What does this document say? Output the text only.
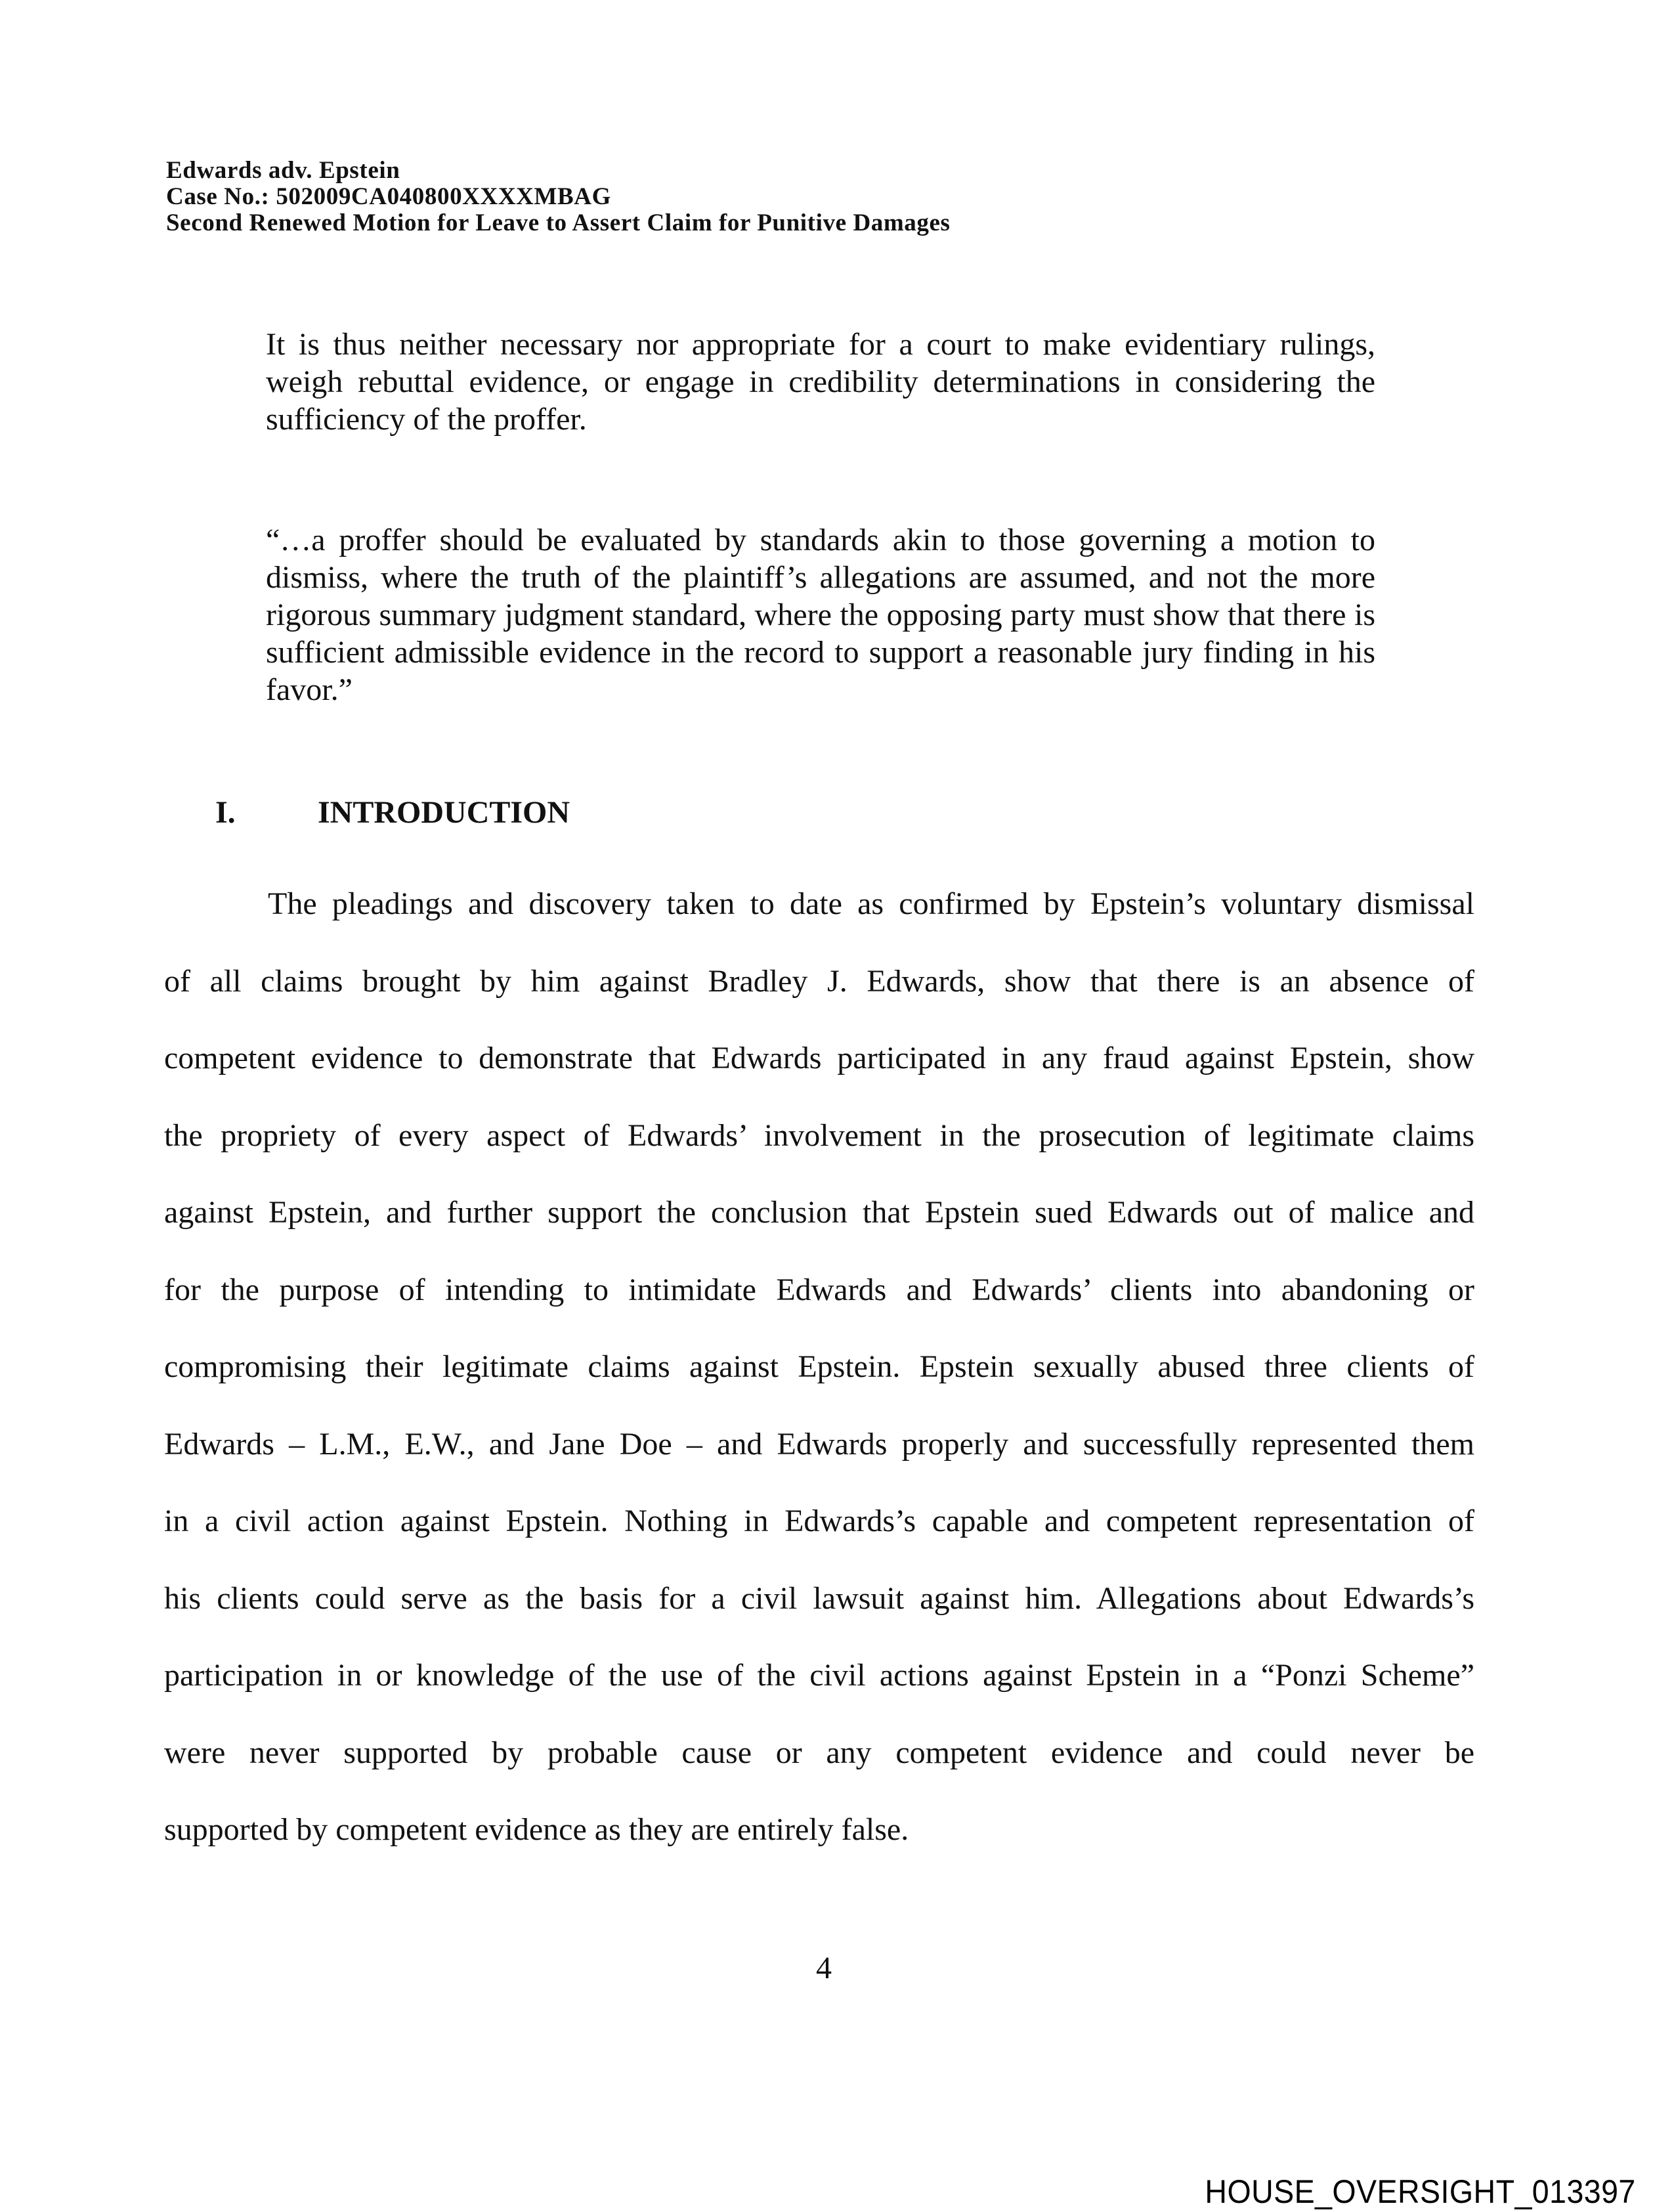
Edwards adv. Epstein
Case No.: 502009CA040800XXXXMBAG
Second Renewed Motion for Leave to Assert Claim for Punitive Damages
It is thus neither necessary nor appropriate for a court to make evidentiary rulings, weigh rebuttal evidence, or engage in credibility determinations in considering the sufficiency of the proffer.
“…a proffer should be evaluated by standards akin to those governing a motion to dismiss, where the truth of the plaintiff’s allegations are assumed, and not the more rigorous summary judgment standard, where the opposing party must show that there is sufficient admissible evidence in the record to support a reasonable jury finding in his favor.”
I.	INTRODUCTION
The pleadings and discovery taken to date as confirmed by Epstein’s voluntary dismissal
of all claims brought by him against Bradley J. Edwards, show that there is an absence of
competent evidence to demonstrate that Edwards participated in any fraud against Epstein, show
the propriety of every aspect of Edwards’ involvement in the prosecution of legitimate claims
against Epstein, and further support the conclusion that Epstein sued Edwards out of malice and
for the purpose of intending to intimidate Edwards and Edwards’ clients into abandoning or
compromising their legitimate claims against Epstein. Epstein sexually abused three clients of
Edwards – L.M., E.W., and Jane Doe – and Edwards properly and successfully represented them
in a civil action against Epstein. Nothing in Edwards’s capable and competent representation of
his clients could serve as the basis for a civil lawsuit against him. Allegations about Edwards’s
participation in or knowledge of the use of the civil actions against Epstein in a “Ponzi Scheme”
were never supported by probable cause or any competent evidence and could never be
supported by competent evidence as they are entirely false.
4
HOUSE_OVERSIGHT_013397
